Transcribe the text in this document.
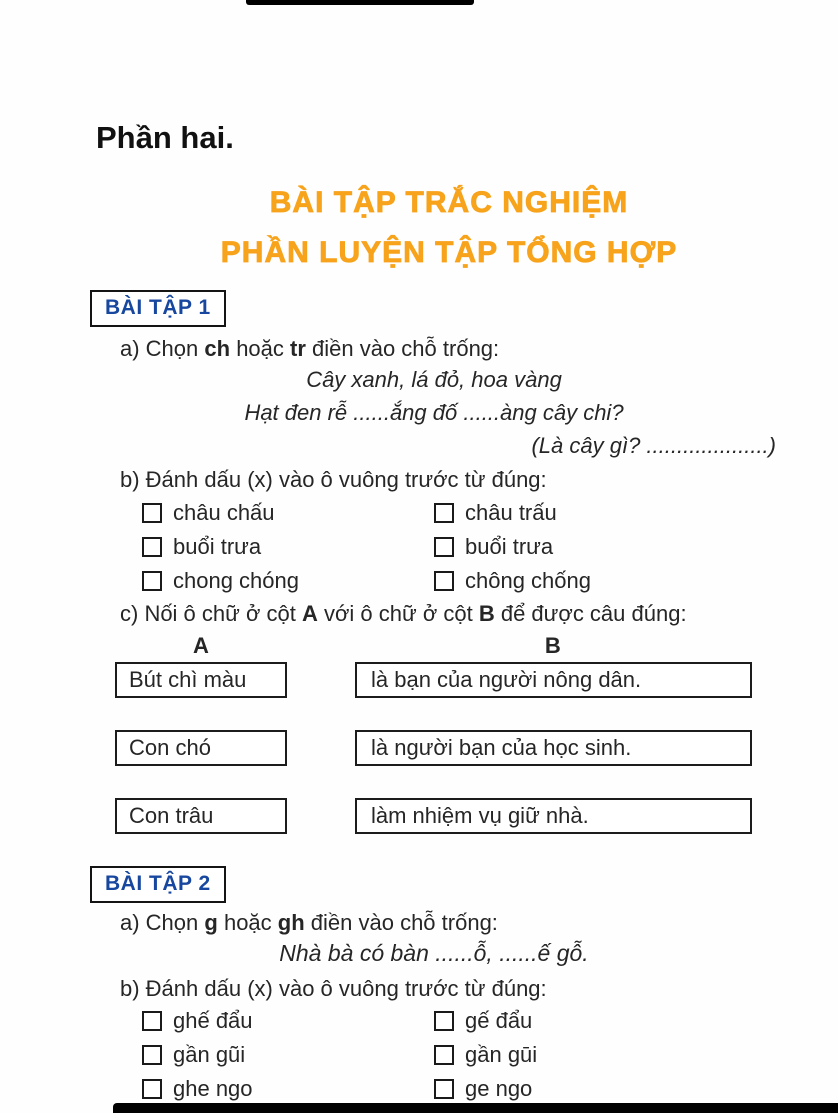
Phần hai.
BÀI TẬP TRẮC NGHIỆM
PHẦN LUYỆN TẬP TỔNG HỢP
BÀI TẬP 1
a) Chọn ch hoặc tr điền vào chỗ trống:
Cây xanh, lá đỏ, hoa vàng
Hạt đen rễ ......ắng đố ......àng cây chi?
(Là cây gì? ....................)
b) Đánh dấu (x) vào ô vuông trước từ đúng:
châu chấu	châu trấu
buổi trưa	buổi trưa
chong chóng	chông chống
c) Nối ô chữ ở cột A với ô chữ ở cột B để được câu đúng:
A	B
Bút chì màu	là bạn của người nông dân.
Con chó	là người bạn của học sinh.
Con trâu	làm nhiệm vụ giữ nhà.
BÀI TẬP 2
a) Chọn g hoặc gh điền vào chỗ trống:
Nhà bà có bàn ......ỗ, ......ế gỗ.
b) Đánh dấu (x) vào ô vuông trước từ đúng:
ghế đẩu	gế đẩu
gần gũi	gần gūi
ghe ngo	ge ngo
